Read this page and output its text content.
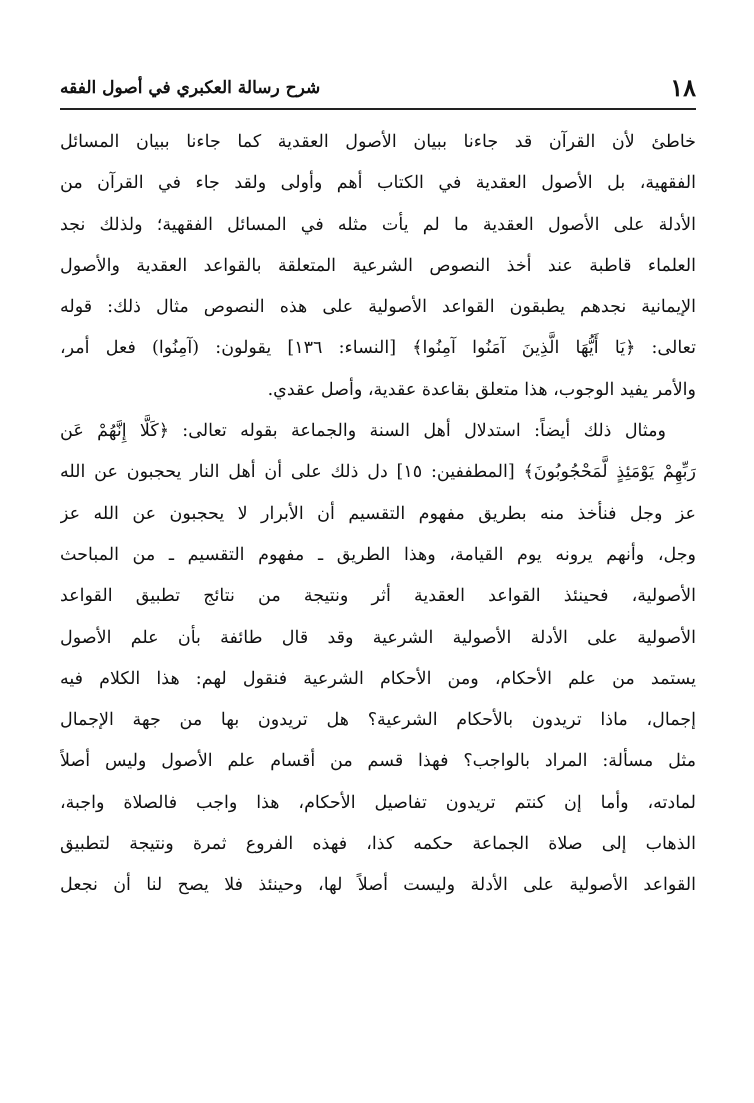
١٨
شرح رسالة العكبري في أصول الفقه
خاطئ لأن القرآن قد جاءنا ببيان الأصول العقدية كما جاءنا ببيان المسائل
الفقهية، بل الأصول العقدية في الكتاب أهم وأولى ولقد جاء في القرآن من
الأدلة على الأصول العقدية ما لم يأت مثله في المسائل الفقهية؛ ولذلك نجد
العلماء قاطبة عند أخذ النصوص الشرعية المتعلقة بالقواعد العقدية والأصول
الإيمانية نجدهم يطبقون القواعد الأصولية على هذه النصوص مثال ذلك: قوله
تعالى: ﴿يَا أَيُّهَا الَّذِينَ آمَنُوا آمِنُوا﴾ [النساء: ١٣٦] يقولون: (آمِنُوا) فعل أمر،
والأمر يفيد الوجوب، هذا متعلق بقاعدة عقدية، وأصل عقدي.
ومثال ذلك أيضاً: استدلال أهل السنة والجماعة بقوله تعالى: ﴿كَلَّا إِنَّهُمْ عَن
رَبِّهِمْ يَوْمَئِذٍ لَّمَحْجُوبُونَ﴾ [المطففين: ١٥] دل ذلك على أن أهل النار يحجبون عن الله
عز وجل فنأخذ منه بطريق مفهوم التقسيم أن الأبرار لا يحجبون عن الله عز
وجل، وأنهم يرونه يوم القيامة، وهذا الطريق ـ مفهوم التقسيم ـ من المباحث
الأصولية، فحينئذ القواعد العقدية أثر ونتيجة من نتائج تطبيق القواعد
الأصولية على الأدلة الأصولية الشرعية وقد قال طائفة بأن علم الأصول
يستمد من علم الأحكام، ومن الأحكام الشرعية فنقول لهم: هذا الكلام فيه
إجمال، ماذا تريدون بالأحكام الشرعية؟ هل تريدون بها من جهة الإجمال
مثل مسألة: المراد بالواجب؟ فهذا قسم من أقسام علم الأصول وليس أصلاً
لمادته، وأما إن كنتم تريدون تفاصيل الأحكام، هذا واجب فالصلاة واجبة،
الذهاب إلى صلاة الجماعة حكمه كذا، فهذه الفروع ثمرة ونتيجة لتطبيق
القواعد الأصولية على الأدلة وليست أصلاً لها، وحينئذ فلا يصح لنا أن نجعل
